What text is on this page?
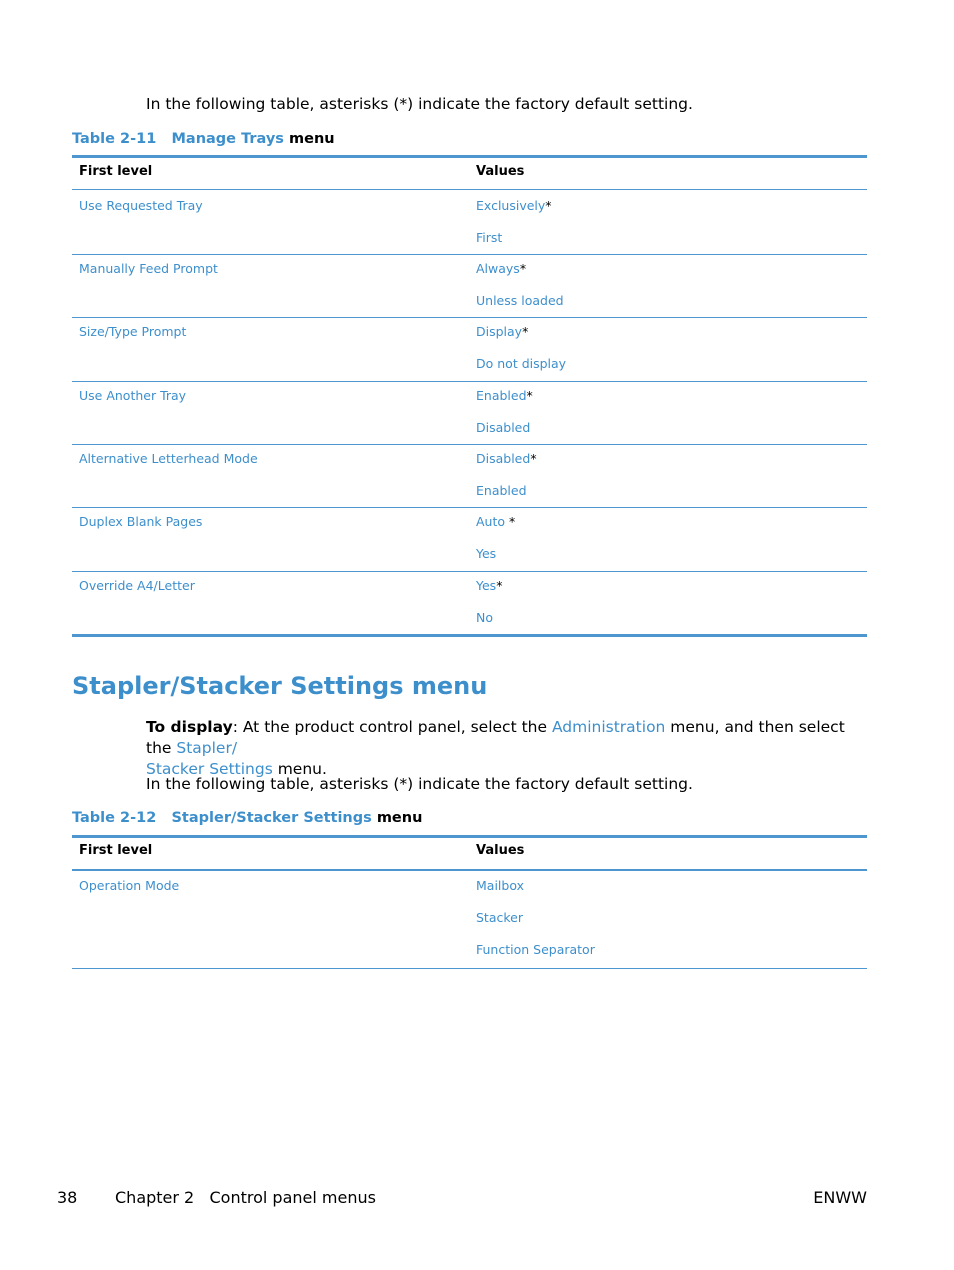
In the following table, asterisks (*) indicate the factory default setting.
Table 2-11 Manage Trays menu
First level	Values
Use Requested Tray	Exclusively*
First
Manually Feed Prompt	Always*
Unless loaded
Size/Type Prompt	Display*
Do not display
Use Another Tray	Enabled*
Disabled
Alternative Letterhead Mode	Disabled*
Enabled
Duplex Blank Pages	Auto *
Yes
Override A4/Letter	Yes*
No
Stapler/Stacker Settings menu
To display: At the product control panel, select the Administration menu, and then select the Stapler/
Stacker Settings menu.
In the following table, asterisks (*) indicate the factory default setting.
Table 2-12 Stapler/Stacker Settings menu
First level	Values
Operation Mode	Mailbox
Stacker
Function Separator
38 Chapter 2   Control panel menus	ENWW
